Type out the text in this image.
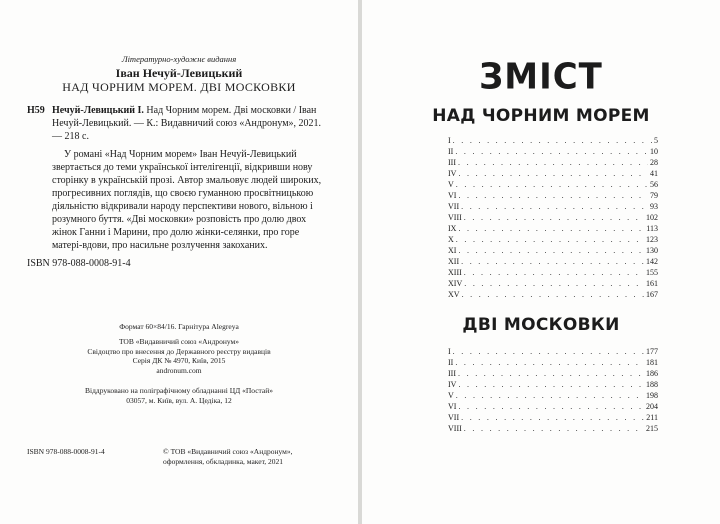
Літературно-художнє видання
Іван Нечуй-Левицький
НАД ЧОРНИМ МОРЕМ. ДВІ МОСКОВКИ
Н59 Нечуй-Левицький І. Над Чорним морем. Дві московки / Іван Нечуй-Левицький. — К.: Видавничий союз «Андронум», 2021. — 218 с.

У романі «Над Чорним морем» Іван Нечуй-Левицький звертається до теми української інтелігенції, відкривши нову сторінку в українській прозі. Автор змальовує людей широких, прогресивних поглядів, що своєю гуманною просвітницькою діяльністю відкривали народу перспективи нового, вільною і розумного буття. «Дві московки» розповість про долю двох жінок Ганни і Марини, про долю жінки-селянки, про горе матері-вдови, про насильне розлучення закоханих.

ISBN 978-088-0008-91-4
Формат 60×84/16. Гарнітура Alegreya
ТОВ «Видавничий союз «Андронум»
Свідоцтво про внесення до Державного реєстру видавців
Серія ДК № 4970, Київ, 2015
andronum.com
Віддруковано на поліграфічному обладнанні ЦД «Постай»
03057, м. Київ, вул. А. Цедіка, 12
ISBN 978-088-0008-91-4	© ТОВ «Видавничий союз «Андронум»,
оформлення, обкладинка, макет, 2021
ЗМІСТ
НАД ЧОРНИМ МОРЕМ
I . . .	5
II . . .	10
III . . .	28
IV . . .	41
V . . .	56
VI . . .	79
VII . . .	93
VIII . . .	102
IX . . .	113
X . . .	123
XI . . .	130
XII . . .	142
XIII . . .	155
XIV . . .	161
XV . . .	167
ДВІ МОСКОВКИ
I . . .	177
II . . .	181
III . . .	186
IV . . .	188
V . . .	198
VI . . .	204
VII . . .	211
VIII . . .	215
